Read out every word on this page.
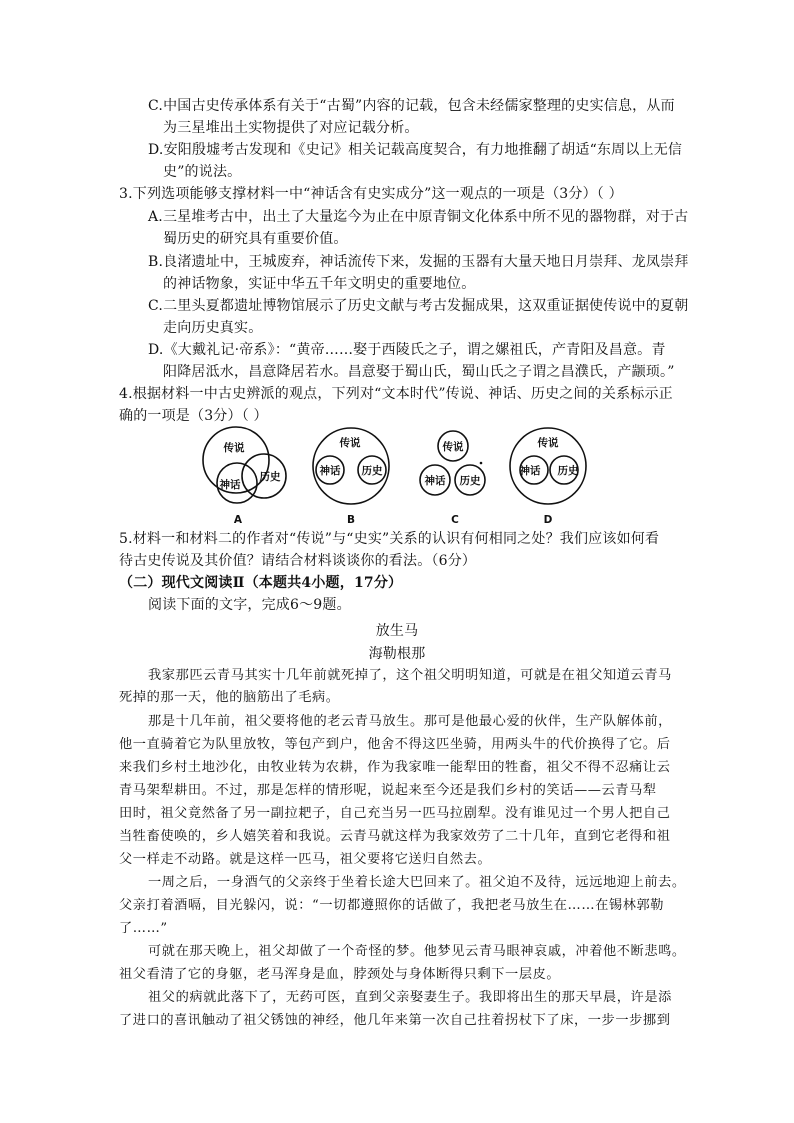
C.中国古史传承体系有关于“古蜀”内容的记载，包含未经儒家整理的史实信息，从而
为三星堆出土实物提供了对应记载分析。
D.安阳殷墟考古发现和《史记》相关记载高度契合，有力地推翻了胡适“东周以上无信
史”的说法。
3.下列选项能够支撑材料一中“神话含有史实成分”这一观点的一项是（3分）（ ）
A.三星堆考古中，出土了大量迄今为止在中原青铜文化体系中所不见的器物群，对于古
蜀历史的研究具有重要价值。
B.良渚遗址中，王城废弃，神话流传下来，发掘的玉器有大量天地日月崇拜、龙凤崇拜
的神话物象，实证中华五千年文明史的重要地位。
C.二里头夏都遗址博物馆展示了历史文献与考古发掘成果，这双重证据使传说中的夏朝
走向历史真实。
D.《大戴礼记·帝系》：“黄帝……娶于西陵氏之子，谓之嫘祖氏，产青阳及昌意。青
阳降居泜水，昌意降居若水。昌意娶于蜀山氏，蜀山氏之子谓之昌濮氏，产颛顼。”
4.根据材料一中古史辨派的观点，下列对“文本时代”传说、神话、历史之间的关系标示正
确的一项是（3分）（ ）
传说
神话
历史
A
传说
神话 历史
B
传说
神话 历史
C
传说
神话 历史
D
5.材料一和材料二的作者对“传说”与“史实”关系的认识有何相同之处？我们应该如何看
待古史传说及其价值？请结合材料谈谈你的看法。（6分）
（二）现代文阅读Ⅱ（本题共4小题，17分）
阅读下面的文字，完成6～9题。
放生马
海勒根那
我家那匹云青马其实十几年前就死掉了，这个祖父明明知道，可就是在祖父知道云青马
死掉的那一天，他的脑筋出了毛病。
那是十几年前，祖父要将他的老云青马放生。那可是他最心爱的伙伴，生产队解体前，
他一直骑着它为队里放牧，等包产到户，他舍不得这匹坐骑，用两头牛的代价换得了它。后
来我们乡村土地沙化，由牧业转为农耕，作为我家唯一能犁田的牲畜，祖父不得不忍痛让云
青马架犁耕田。不过，那是怎样的情形呢，说起来至今还是我们乡村的笑话——云青马犁
田时，祖父竟然备了另一副拉耙子，自己充当另一匹马拉剧犁。没有谁见过一个男人把自己
当牲畜使唤的，乡人嬉笑着和我说。云青马就这样为我家效劳了二十几年，直到它老得和祖
父一样走不动路。就是这样一匹马，祖父要将它送归自然去。
一周之后，一身酒气的父亲终于坐着长途大巴回来了。祖父迫不及待，远远地迎上前去。
父亲打着酒嗝，目光躲闪，说：“一切都遵照你的话做了，我把老马放生在……在锡林郭勒
了……”
可就在那天晚上，祖父却做了一个奇怪的梦。他梦见云青马眼神哀戚，冲着他不断悲鸣。
祖父看清了它的身躯，老马浑身是血，脖颈处与身体断得只剩下一层皮。
祖父的病就此落下了，无药可医，直到父亲娶妻生子。我即将出生的那天早晨，许是添
了进口的喜讯触动了祖父锈蚀的神经，他几年来第一次自己拄着拐杖下了床，一步一步挪到
